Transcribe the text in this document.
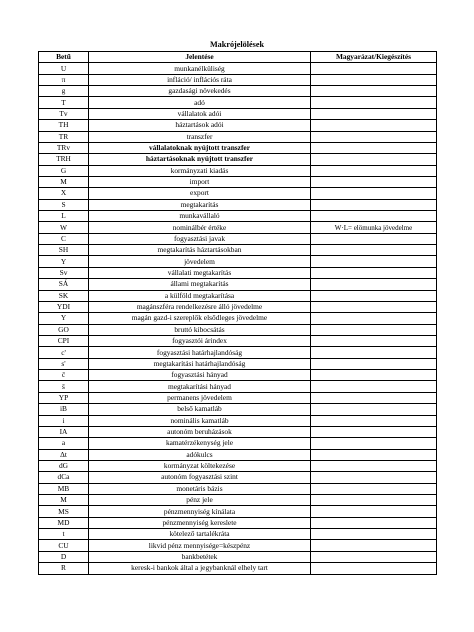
Makrójelölések
Betű	Jelentése	Magyarázat/Kiegészítés
U	munkanélküliség	
π	infláció/ inflációs ráta	
g	gazdasági növekedés	
T	adó	
Tv	vállalatok adói	
TH	háztartások adói	
TR	transzfer	
TRv	vállalatoknak nyújtott transzfer	
TRH	háztartásoknak nyújtott transzfer	
G	kormányzati kiadás	
M	import	
X	export	
S	megtakarítás	
L	munkavállaló	
W	nominálbér értéke	W·L= elömunka jövedelme
C	fogyasztási javak	
SH	megtakarítás háztartásokban	
Y	jövedelem	
Sv	vállalati megtakarítás	
SÁ	állami megtakarítás	
SK	a külföld megtakarítása	
YDI	magánszféra rendelkezésre álló jövedelme	
Y	magán gazd-i szereplők elsődleges jövedelme	
GO	bruttó kibocsátás	
CPI	fogyasztói árindex	
c'	fogyasztási határhajlandóság	
s'	megtakarítási határhajlandóság	
c̄	fogyasztási hányad	
s̄	megtakarítási hányad	
YP	permanens jövedelem	
iB	belső kamatláb	
i	nominális kamatláb	
IA	autonóm beruházások	
a	kamatérzékenység jele	
Δt	adókulcs	
dG	kormányzat költekezése	
dCa	autonóm fogyasztási szint	
MB	monetáris bázis	
M	pénz jele	
MS	pénzmennyiség kínálata	
MD	pénzmennyiség kereslete	
t	kötelező tartalékráta	
CU	likvid pénz mennyisége=készpénz	
D	bankbetétek	
R	keresk-i bankok által a jegybanknál elhely tart	
